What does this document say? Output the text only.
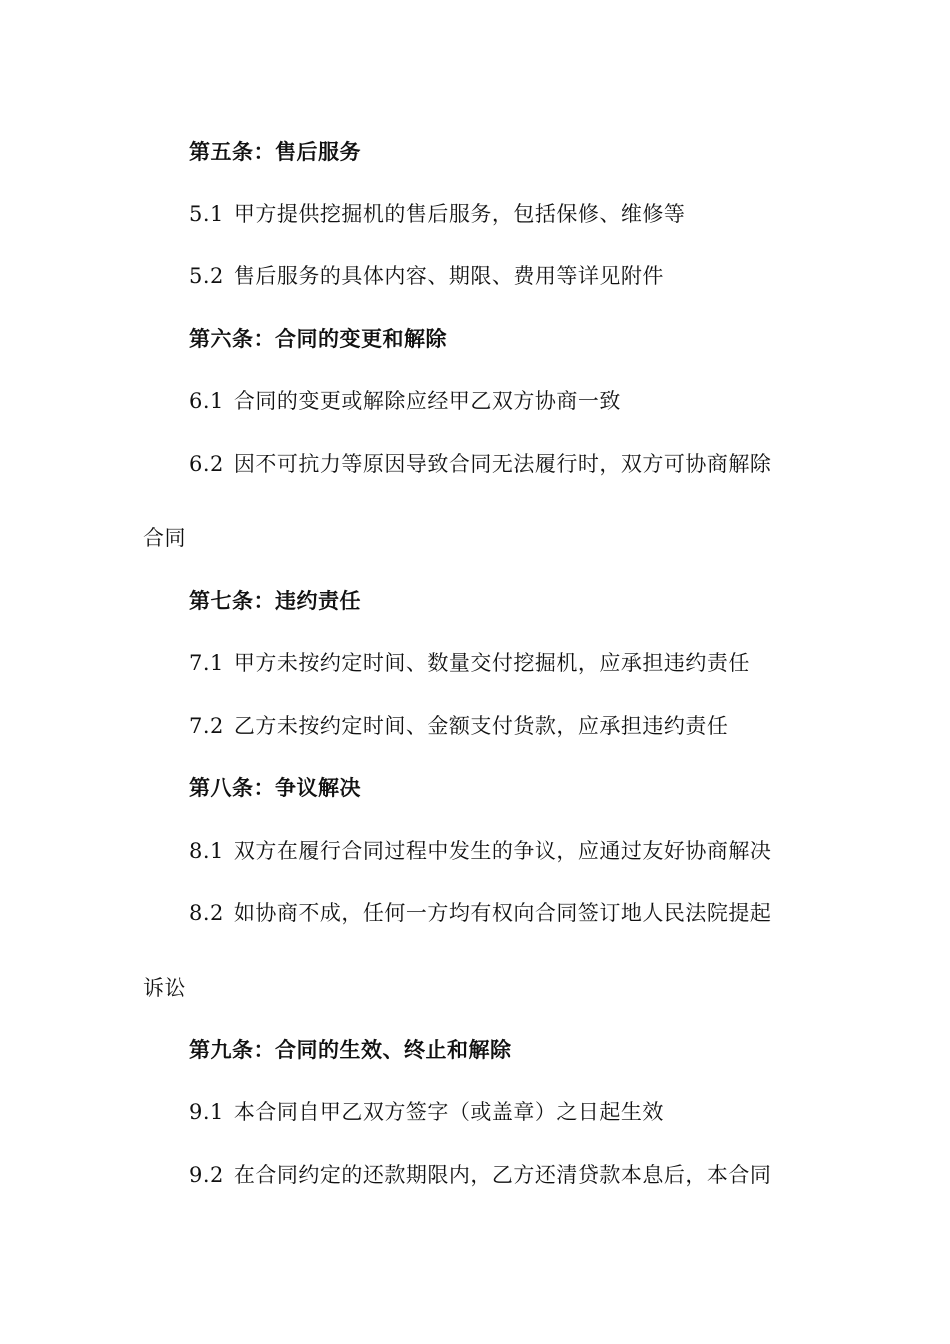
第五条：售后服务
5.1 甲方提供挖掘机的售后服务，包括保修、维修等
5.2 售后服务的具体内容、期限、费用等详见附件
第六条：合同的变更和解除
6.1 合同的变更或解除应经甲乙双方协商一致
6.2 因不可抗力等原因导致合同无法履行时，双方可协商解除
合同
第七条：违约责任
7.1 甲方未按约定时间、数量交付挖掘机，应承担违约责任
7.2 乙方未按约定时间、金额支付货款，应承担违约责任
第八条：争议解决
8.1 双方在履行合同过程中发生的争议，应通过友好协商解决
8.2 如协商不成，任何一方均有权向合同签订地人民法院提起
诉讼
第九条：合同的生效、终止和解除
9.1 本合同自甲乙双方签字（或盖章）之日起生效
9.2 在合同约定的还款期限内，乙方还清贷款本息后，本合同
